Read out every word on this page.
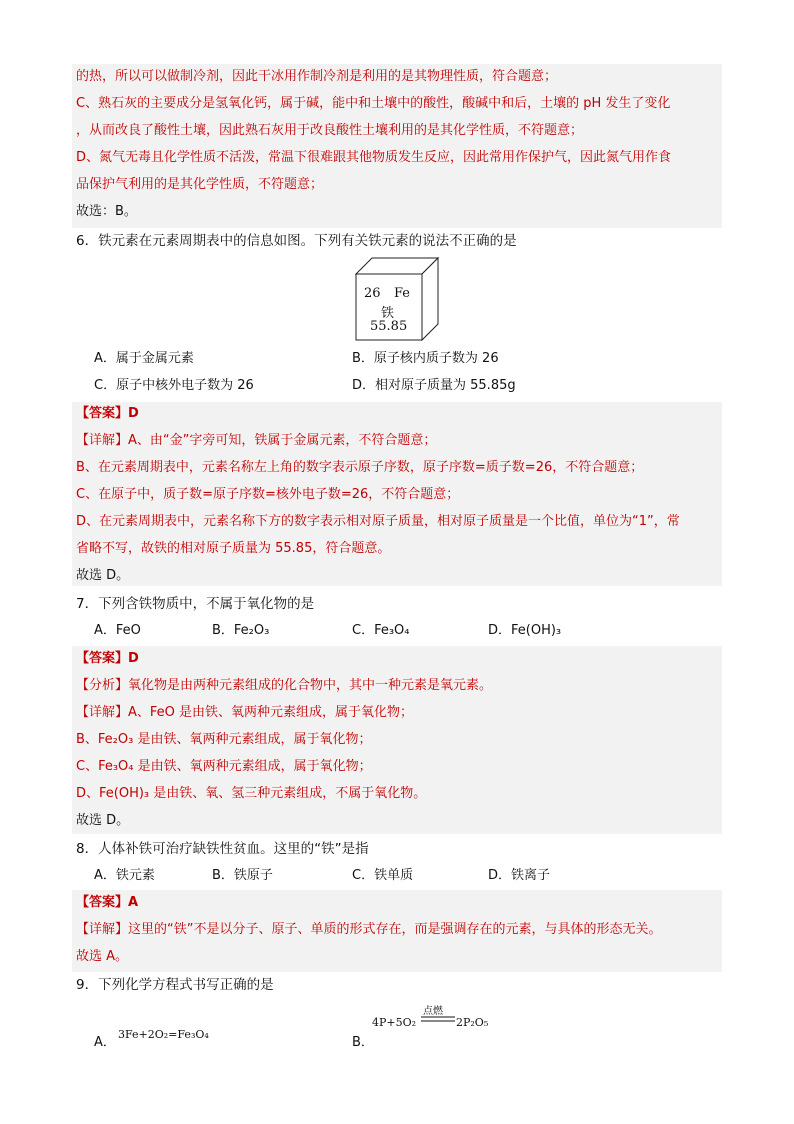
的热，所以可以做制冷剂，因此干冰用作制冷剂是利用的是其物理性质，符合题意；
C、熟石灰的主要成分是氢氧化钙，属于碱，能中和土壤中的酸性，酸碱中和后，土壤的 pH 发生了变化
，从而改良了酸性土壤，因此熟石灰用于改良酸性土壤利用的是其化学性质，不符题意；
D、氮气无毒且化学性质不活泼，常温下很难跟其他物质发生反应，因此常用作保护气，因此氮气用作食
品保护气利用的是其化学性质，不符题意；
故选：B。
6．铁元素在元素周期表中的信息如图。下列有关铁元素的说法不正确的是
26 Fe
铁
55.85
A．属于金属元素	B．原子核内质子数为 26
C．原子中核外电子数为 26	D．相对原子质量为 55.85g
【答案】D
【详解】A、由“金”字旁可知，铁属于金属元素，不符合题意；
B、在元素周期表中，元素名称左上角的数字表示原子序数，原子序数=质子数=26，不符合题意；
C、在原子中，质子数=原子序数=核外电子数=26，不符合题意；
D、在元素周期表中，元素名称下方的数字表示相对原子质量，相对原子质量是一个比值，单位为“1”，常
省略不写，故铁的相对原子质量为 55.85，符合题意。
故选 D。
7．下列含铁物质中，不属于氧化物的是
A．FeO	B．Fe₂O₃	C．Fe₃O₄	D．Fe(OH)₃
【答案】D
【分析】氧化物是由两种元素组成的化合物中，其中一种元素是氧元素。
【详解】A、FeO 是由铁、氧两种元素组成，属于氧化物；
B、Fe₂O₃ 是由铁、氧两种元素组成，属于氧化物；
C、Fe₃O₄ 是由铁、氧两种元素组成，属于氧化物；
D、Fe(OH)₃ 是由铁、氧、氢三种元素组成，不属于氧化物。
故选 D。
8．人体补铁可治疗缺铁性贫血。这里的“铁”是指
A．铁元素	B．铁原子	C．铁单质	D．铁离子
【答案】A
【详解】这里的“铁”不是以分子、原子、单质的形式存在，而是强调存在的元素，与具体的形态无关。
故选 A。
9．下列化学方程式书写正确的是
A．
3Fe+2O₂=Fe₃O₄
B．
4P+5O₂
点燃
2P₂O₅
